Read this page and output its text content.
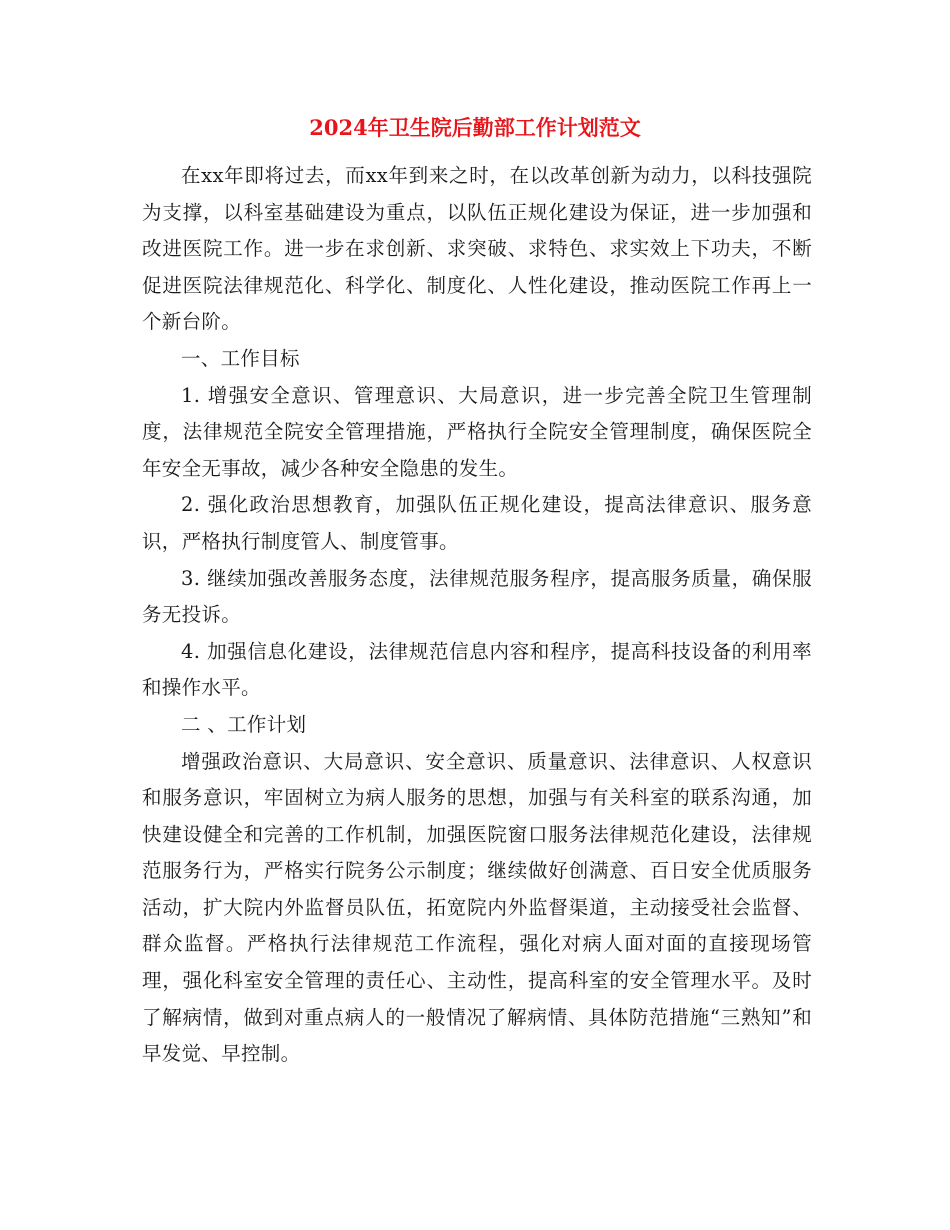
2024年卫生院后勤部工作计划范文

在xx年即将过去，而xx年到来之时，在以改革创新为动力，以科技强院为支撑，以科室基础建设为重点，以队伍正规化建设为保证，进一步加强和改进医院工作。进一步在求创新、求突破、求特色、求实效上下功夫，不断促进医院法律规范化、科学化、制度化、人性化建设，推动医院工作再上一个新台阶。

一、工作目标

1. 增强安全意识、管理意识、大局意识，进一步完善全院卫生管理制度，法律规范全院安全管理措施，严格执行全院安全管理制度，确保医院全年安全无事故，减少各种安全隐患的发生。

2. 强化政治思想教育，加强队伍正规化建设，提高法律意识、服务意识，严格执行制度管人、制度管事。

3. 继续加强改善服务态度，法律规范服务程序，提高服务质量，确保服务无投诉。

4. 加强信息化建设，法律规范信息内容和程序，提高科技设备的利用率和操作水平。

二 、工作计划

增强政治意识、大局意识、安全意识、质量意识、法律意识、人权意识和服务意识，牢固树立为病人服务的思想，加强与有关科室的联系沟通，加快建设健全和完善的工作机制，加强医院窗口服务法律规范化建设，法律规范服务行为，严格实行院务公示制度；继续做好创满意、百日安全优质服务活动，扩大院内外监督员队伍，拓宽院内外监督渠道，主动接受社会监督、群众监督。严格执行法律规范工作流程，强化对病人面对面的直接现场管理，强化科室安全管理的责任心、主动性，提高科室的安全管理水平。及时了解病情，做到对重点病人的一般情况了解病情、具体防范措施“三熟知”和早发觉、早控制。
